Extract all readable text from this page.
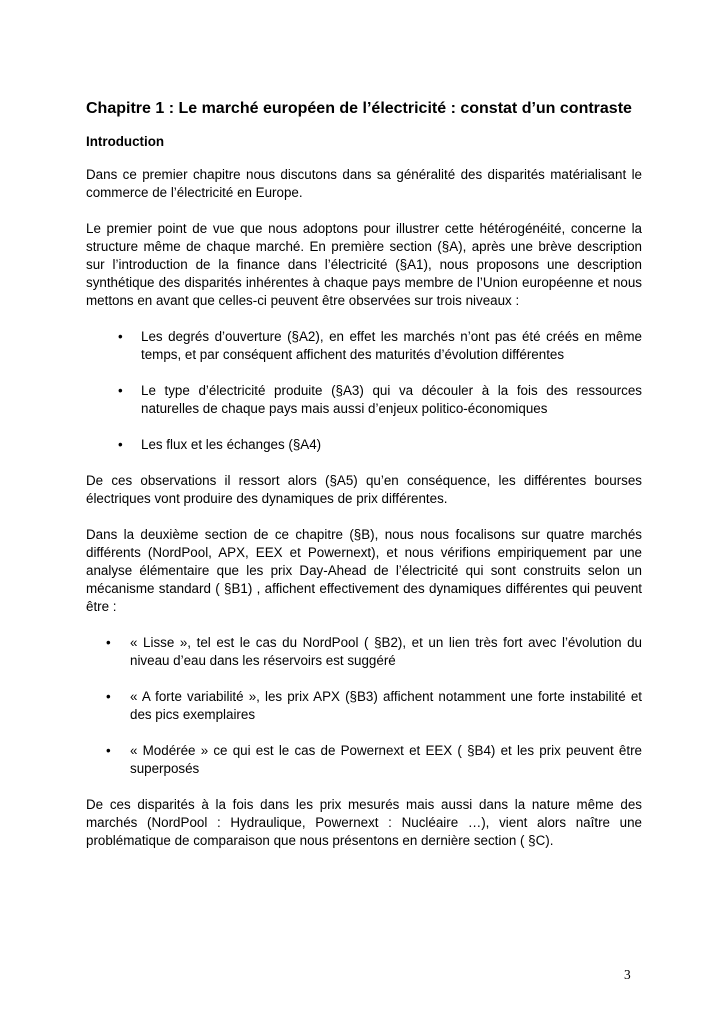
Chapitre 1 : Le marché européen de l’électricité : constat d’un contraste
Introduction

Dans ce premier chapitre nous discutons dans sa généralité des disparités matérialisant le commerce de l’électricité en Europe.

Le premier point de vue que nous adoptons pour illustrer cette hétérogénéité, concerne la structure même de chaque marché. En première section (§A), après une brève description sur l’introduction de la finance dans l’électricité (§A1), nous proposons une description synthétique des disparités inhérentes à chaque pays membre de l’Union européenne et nous mettons en avant que celles-ci peuvent être observées sur trois niveaux :

• Les degrés d’ouverture (§A2), en effet les marchés n’ont pas été créés en même temps, et par conséquent affichent des maturités d’évolution différentes
• Le type d’électricité produite (§A3) qui va découler à la fois des ressources naturelles de chaque pays mais aussi d’enjeux politico-économiques
• Les flux et les échanges (§A4)

De ces observations il ressort alors (§A5) qu’en conséquence, les différentes bourses électriques vont produire des dynamiques de prix différentes.

Dans la deuxième section de ce chapitre (§B), nous nous focalisons sur quatre marchés différents (NordPool, APX, EEX et Powernext), et nous vérifions empiriquement par une analyse élémentaire que les prix Day-Ahead de l’électricité qui sont construits selon un mécanisme standard ( §B1) , affichent effectivement des dynamiques différentes qui peuvent être :

• « Lisse », tel est le cas du NordPool ( §B2), et un lien très fort avec l’évolution du niveau d’eau dans les réservoirs est suggéré
• « A forte variabilité », les prix APX (§B3) affichent notamment une forte instabilité et des pics exemplaires
• « Modérée » ce qui est le cas de Powernext et EEX ( §B4) et les prix peuvent être superposés

De ces disparités à la fois dans les prix mesurés mais aussi dans la nature même des marchés (NordPool : Hydraulique, Powernext : Nucléaire …), vient alors naître une problématique de comparaison que nous présentons en dernière section ( §C).

3
